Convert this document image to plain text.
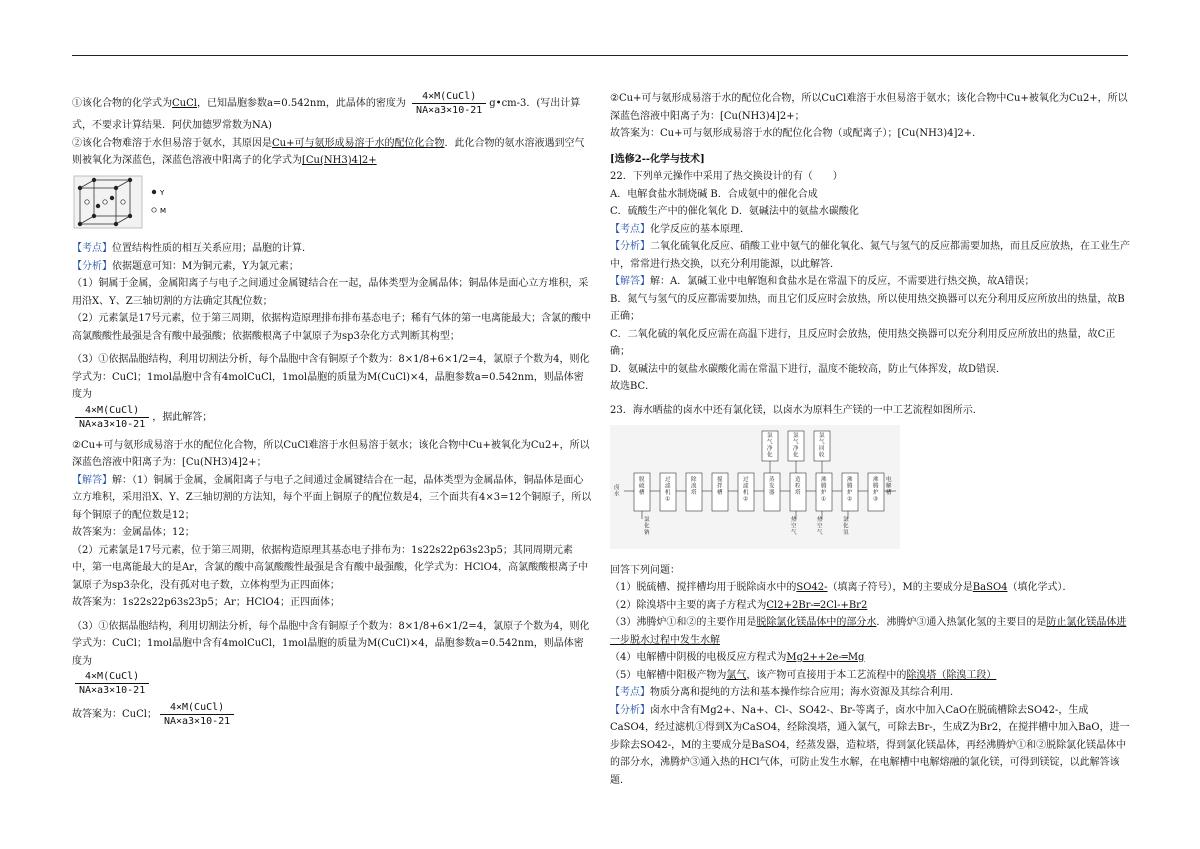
①该化合物的化学式为CuCl，已知晶胞参数a=0.542nm，此晶体的密度为
4×M(CuCl)
NA×a3×10-21
g•cm-3．(写出计算式，不要求计算结果．阿伏加德罗常数为NA)

②该化合物难溶于水但易溶于氨水，其原因是Cu+可与氨形成易溶于水的配位化合物．此化合物的氨水溶液遇到空气则被氧化为深蓝色，深蓝色溶液中阳离子的化学式为[Cu(NH3)4]2+

Y
M

【考点】位置结构性质的相互关系应用；晶胞的计算．

【分析】依据题意可知：M为铜元素，Y为氯元素；

（1）铜属于金属，金属阳离子与电子之间通过金属键结合在一起，晶体类型为金属晶体；铜晶体是面心立方堆积，采用沿X、Y、Z三轴切割的方法确定其配位数；

（2）元素氯是17号元素，位于第三周期，依据构造原理排布排布基态电子；稀有气体的第一电离能最大；含氯的酸中高氯酸酸性最强是含有酸中最强酸；依据酸根离子中氯原子为sp3杂化方式判断其构型；

（3）①依据晶胞结构，利用切割法分析，每个晶胞中含有铜原子个数为：8×1/8+6×1/2=4，氯原子个数为4，则化学式为：CuCl；1mol晶胞中含有4molCuCl，1mol晶胞的质量为M(CuCl)×4，晶胞参数a=0.542nm，则晶体密度为

4×M(CuCl)
NA×a3×10-21
，据此解答；

②Cu+可与氨形成易溶于水的配位化合物，所以CuCl难溶于水但易溶于氨水；该化合物中Cu+被氧化为Cu2+，所以深蓝色溶液中阳离子为：[Cu(NH3)4]2+；

【解答】解：（1）铜属于金属，金属阳离子与电子之间通过金属键结合在一起，晶体类型为金属晶体，铜晶体是面心立方堆积，采用沿X、Y、Z三轴切割的方法知，每个平面上铜原子的配位数是4，三个面共有4×3=12个铜原子，所以每个铜原子的配位数是12；

故答案为：金属晶体；12；

（2）元素氯是17号元素，位于第三周期，依据构造原理其基态电子排布为：1s22s22p63s23p5；其同周期元素中，第一电离能最大的是Ar，含氯的酸中高氯酸酸性最强是含有酸中最强酸，化学式为：HClO4，高氯酸酸根离子中氯原子为sp3杂化，没有孤对电子数，立体构型为正四面体；

故答案为：1s22s22p63s23p5；Ar；HClO4；正四面体；

（3）①依据晶胞结构，利用切割法分析，每个晶胞中含有铜原子个数为：8×1/8+6×1/2=4，氯原子个数为4，则化学式为：CuCl；1mol晶胞中含有4molCuCl，1mol晶胞的质量为M(CuCl)×4，晶胞参数a=0.542nm，则晶体密度为

4×M(CuCl)
NA×a3×10-21

故答案为：CuCl；
4×M(CuCl)
NA×a3×10-21

②Cu+可与氨形成易溶于水的配位化合物，所以CuCl难溶于水但易溶于氨水；该化合物中Cu+被氧化为Cu2+，所以深蓝色溶液中阳离子为：[Cu(NH3)4]2+；

故答案为：Cu+可与氨形成易溶于水的配位化合物（或配离子）；[Cu(NH3)4]2+．

[选修2--化学与技术]

22．下列单元操作中采用了热交换设计的有（　　）

A．电解食盐水制烧碱 B．合成氨中的催化合成

C．硫酸生产中的催化氧化 D．氨碱法中的氨盐水碳酸化

【考点】化学反应的基本原理．

【分析】二氧化硫氧化反应、硝酸工业中氨气的催化氧化、氮气与氢气的反应都需要加热，而且反应放热，在工业生产中，常常进行热交换，以充分利用能源，以此解答．

【解答】解：A．氯碱工业中电解饱和食盐水是在常温下的反应，不需要进行热交换，故A错误；

B．氮气与氢气的反应都需要加热，而且它们反应时会放热，所以使用热交换器可以充分利用反应所放出的热量，故B正确；

C．二氧化硫的氧化反应需在高温下进行，且反应时会放热，使用热交换器可以充分利用反应所放出的热量，故C正确；

D．氨碱法中的氨盐水碳酸化需在常温下进行，温度不能较高，防止气体挥发，故D错误．

故选BC．

23．海水晒盐的卤水中还有氯化镁，以卤水为原料生产镁的一中工艺流程如图所示．

卤水
脱硫槽
过滤机 ①
除溴塔
搅拌槽
过滤机 ②
蒸发器
造粒塔
沸腾炉 ①
沸腾炉 ②
沸腾炉 ③
氯气净化
氯气净化
氯气回收
氯化钠
热空气
热空气
氯化氢
电解槽

回答下列问题：

（1）脱硫槽、搅拌槽均用于脱除卤水中的SO42-（填离子符号），M的主要成分是BaSO4（填化学式）．

（2）除溴塔中主要的离子方程式为Cl2+2Br-═2Cl-+Br2

（3）沸腾炉①和②的主要作用是脱除氯化镁晶体中的部分水．沸腾炉③通入热氯化氢的主要目的是防止氯化镁晶体进一步脱水过程中发生水解

（4）电解槽中阴极的电极反应方程式为Mg2++2e-═Mg

（5）电解槽中阳极产物为氯气，该产物可直接用于本工艺流程中的除溴塔（除溴工段）

【考点】物质分离和提纯的方法和基本操作综合应用；海水资源及其综合利用．

【分析】卤水中含有Mg2+、Na+、Cl-、SO42-、Br-等离子，卤水中加入CaO在脱硫槽除去SO42-，生成CaSO4，经过滤机①得到X为CaSO4，经除溴塔，通入氯气，可除去Br-，生成Z为Br2，在搅拌槽中加入BaO，进一步除去SO42-，M的主要成分是BaSO4，经蒸发器，造粒塔，得到氯化镁晶体，再经沸腾炉①和②脱除氯化镁晶体中的部分水，沸腾炉③通入热的HCl气体，可防止发生水解，在电解槽中电解熔融的氯化镁，可得到镁锭，以此解答该题．
